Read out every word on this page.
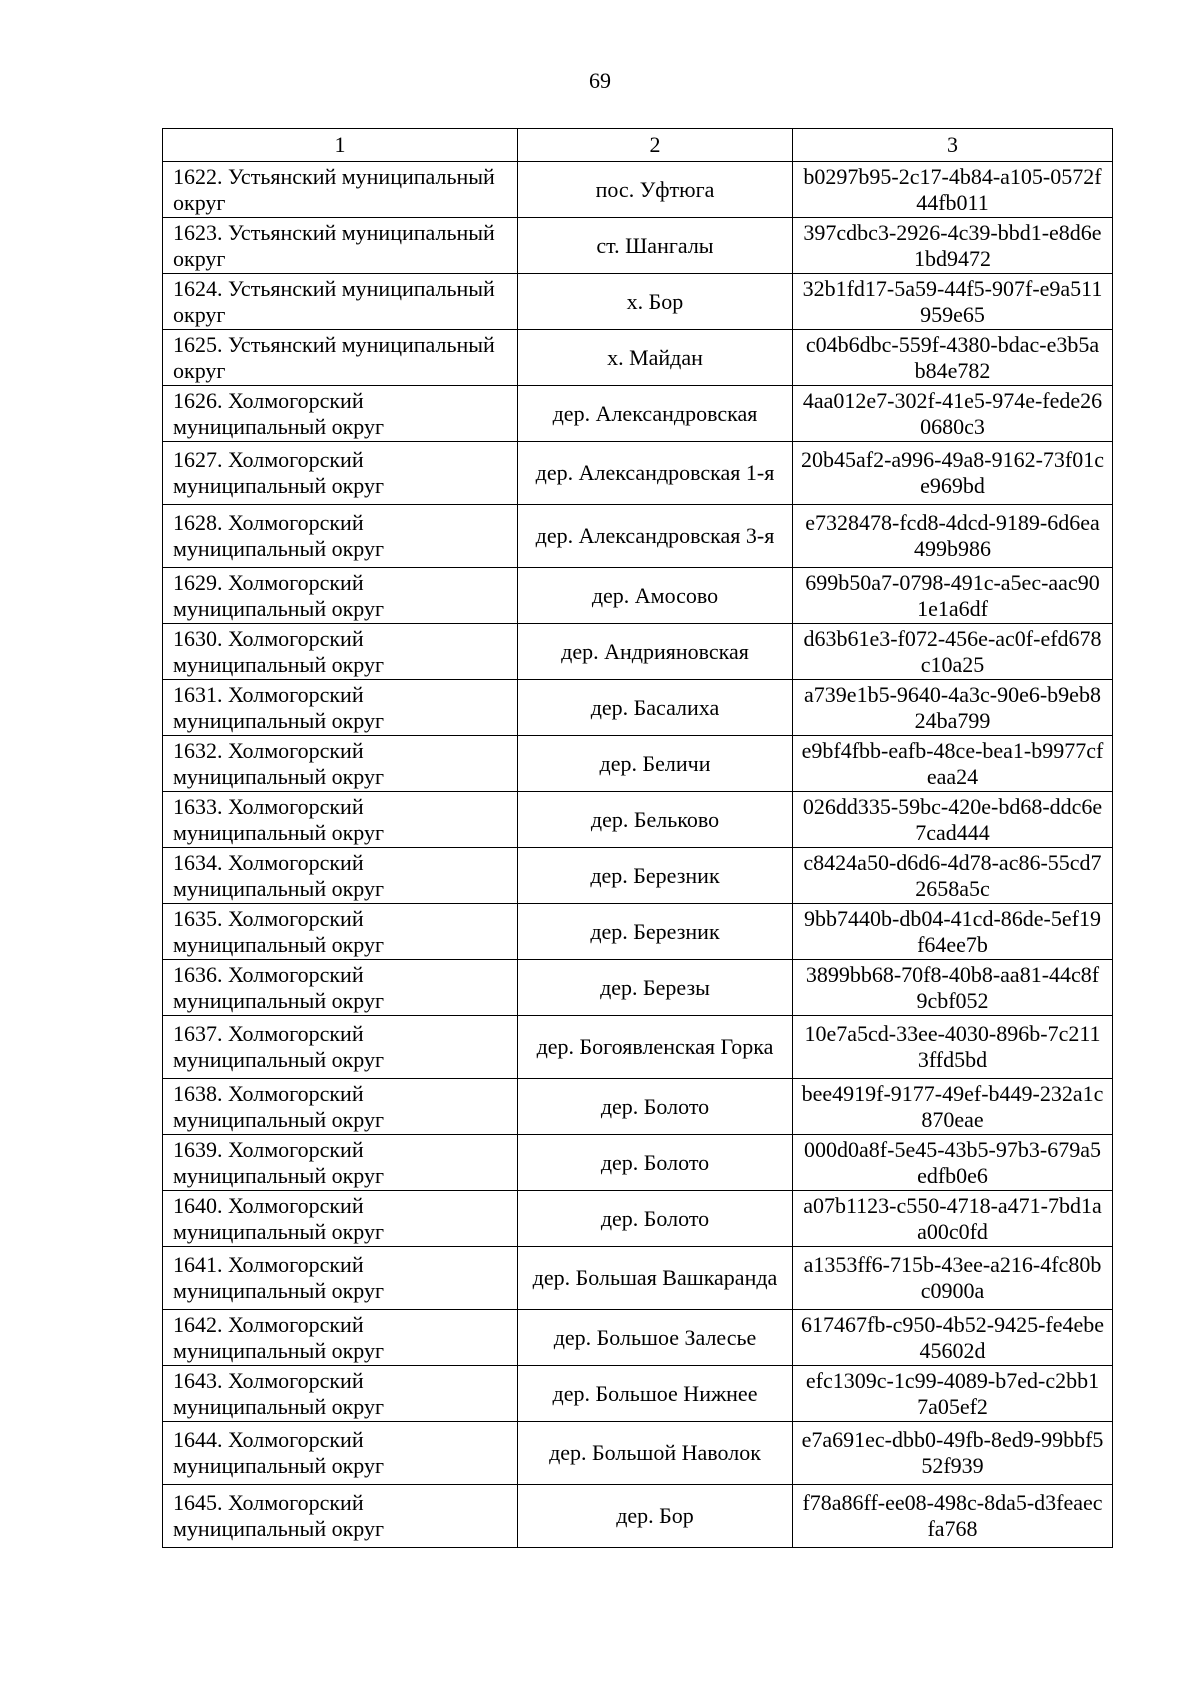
69
1	2	3
1622. Устьянский муниципальный округ	пос. Уфтюга	b0297b95-2c17-4b84-a105-0572f44fb011
1623. Устьянский муниципальный округ	ст. Шангалы	397cdbc3-2926-4c39-bbd1-e8d6e1bd9472
1624. Устьянский муниципальный округ	х. Бор	32b1fd17-5a59-44f5-907f-e9a511959e65
1625. Устьянский муниципальный округ	х. Майдан	c04b6dbc-559f-4380-bdac-e3b5ab84e782
1626. Холмогорский муниципальный округ	дер. Александровская	4aa012e7-302f-41e5-974e-fede260680c3
1627. Холмогорский муниципальный округ	дер. Александровская 1-я	20b45af2-a996-49a8-9162-73f01ce969bd
1628. Холмогорский муниципальный округ	дер. Александровская 3-я	e7328478-fcd8-4dcd-9189-6d6ea499b986
1629. Холмогорский муниципальный округ	дер. Амосово	699b50a7-0798-491c-a5ec-aac901e1a6df
1630. Холмогорский муниципальный округ	дер. Андрияновская	d63b61e3-f072-456e-ac0f-efd678c10a25
1631. Холмогорский муниципальный округ	дер. Басалиха	a739e1b5-9640-4a3c-90e6-b9eb824ba799
1632. Холмогорский муниципальный округ	дер. Беличи	e9bf4fbb-eafb-48ce-bea1-b9977cfeaa24
1633. Холмогорский муниципальный округ	дер. Бельково	026dd335-59bc-420e-bd68-ddc6e7cad444
1634. Холмогорский муниципальный округ	дер. Березник	c8424a50-d6d6-4d78-ac86-55cd72658a5c
1635. Холмогорский муниципальный округ	дер. Березник	9bb7440b-db04-41cd-86de-5ef19f64ee7b
1636. Холмогорский муниципальный округ	дер. Березы	3899bb68-70f8-40b8-aa81-44c8f9cbf052
1637. Холмогорский муниципальный округ	дер. Богоявленская Горка	10e7a5cd-33ee-4030-896b-7c2113ffd5bd
1638. Холмогорский муниципальный округ	дер. Болото	bee4919f-9177-49ef-b449-232a1c870eae
1639. Холмогорский муниципальный округ	дер. Болото	000d0a8f-5e45-43b5-97b3-679a5edfb0e6
1640. Холмогорский муниципальный округ	дер. Болото	a07b1123-c550-4718-a471-7bd1aa00c0fd
1641. Холмогорский муниципальный округ	дер. Большая Вашкаранда	a1353ff6-715b-43ee-a216-4fc80bc0900a
1642. Холмогорский муниципальный округ	дер. Большое Залесье	617467fb-c950-4b52-9425-fe4ebe45602d
1643. Холмогорский муниципальный округ	дер. Большое Нижнее	efc1309c-1c99-4089-b7ed-c2bb17a05ef2
1644. Холмогорский муниципальный округ	дер. Большой Наволок	e7a691ec-dbb0-49fb-8ed9-99bbf552f939
1645. Холмогорский муниципальный округ	дер. Бор	f78a86ff-ee08-498c-8da5-d3feaecfa768
